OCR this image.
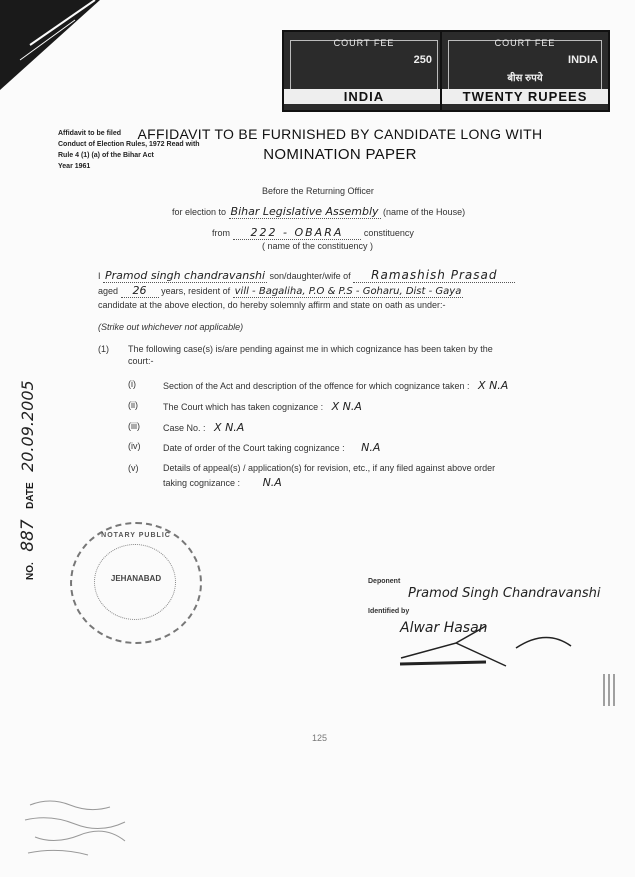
COURT FEE
250
INDIA
COURT FEE
INDIA
बीस रुपये
TWENTY RUPEES
Affidavit to be filed
Conduct of Election Rules, 1972 Read with
Rule 4 (1) (a) of the Bihar Act
Year 1961
AFFIDAVIT TO BE FURNISHED BY CANDIDATE LONG WITH
NOMINATION PAPER
Before the Returning Officer
for election to Bihar Legislative Assembly (name of the House)
from 222 - OBARA constituency
( name of the constituency )
I Pramod singh chandravanshi son/daughter/wife of Ramashish Prasad
aged 26 years, resident of vill - Bagaliha, P.O & P.S - Goharu, Dist - Gaya
candidate at the above election, do hereby solemnly affirm and state on oath as under:-
(Strike out whichever not applicable)
(1) The following case(s) is/are pending against me in which cognizance has been taken by the
court:-
(i)	Section of the Act and description of the offence for which cognizance taken : X N.A
(ii)	The Court which has taken cognizance : X N.A
(iii)	Case No. : X N.A
(iv)	Date of order of the Court taking cognizance : N.A
(v)	Details of appeal(s) / application(s) for revision, etc., if any filed against above order
taking cognizance : N.A
NO. 887 DATE 20.09.2005
NOTARY PUBLIC
JEHANABAD	Deponent
Pramod Singh Chandravanshi
Identified by
Alwar Hasan
125
